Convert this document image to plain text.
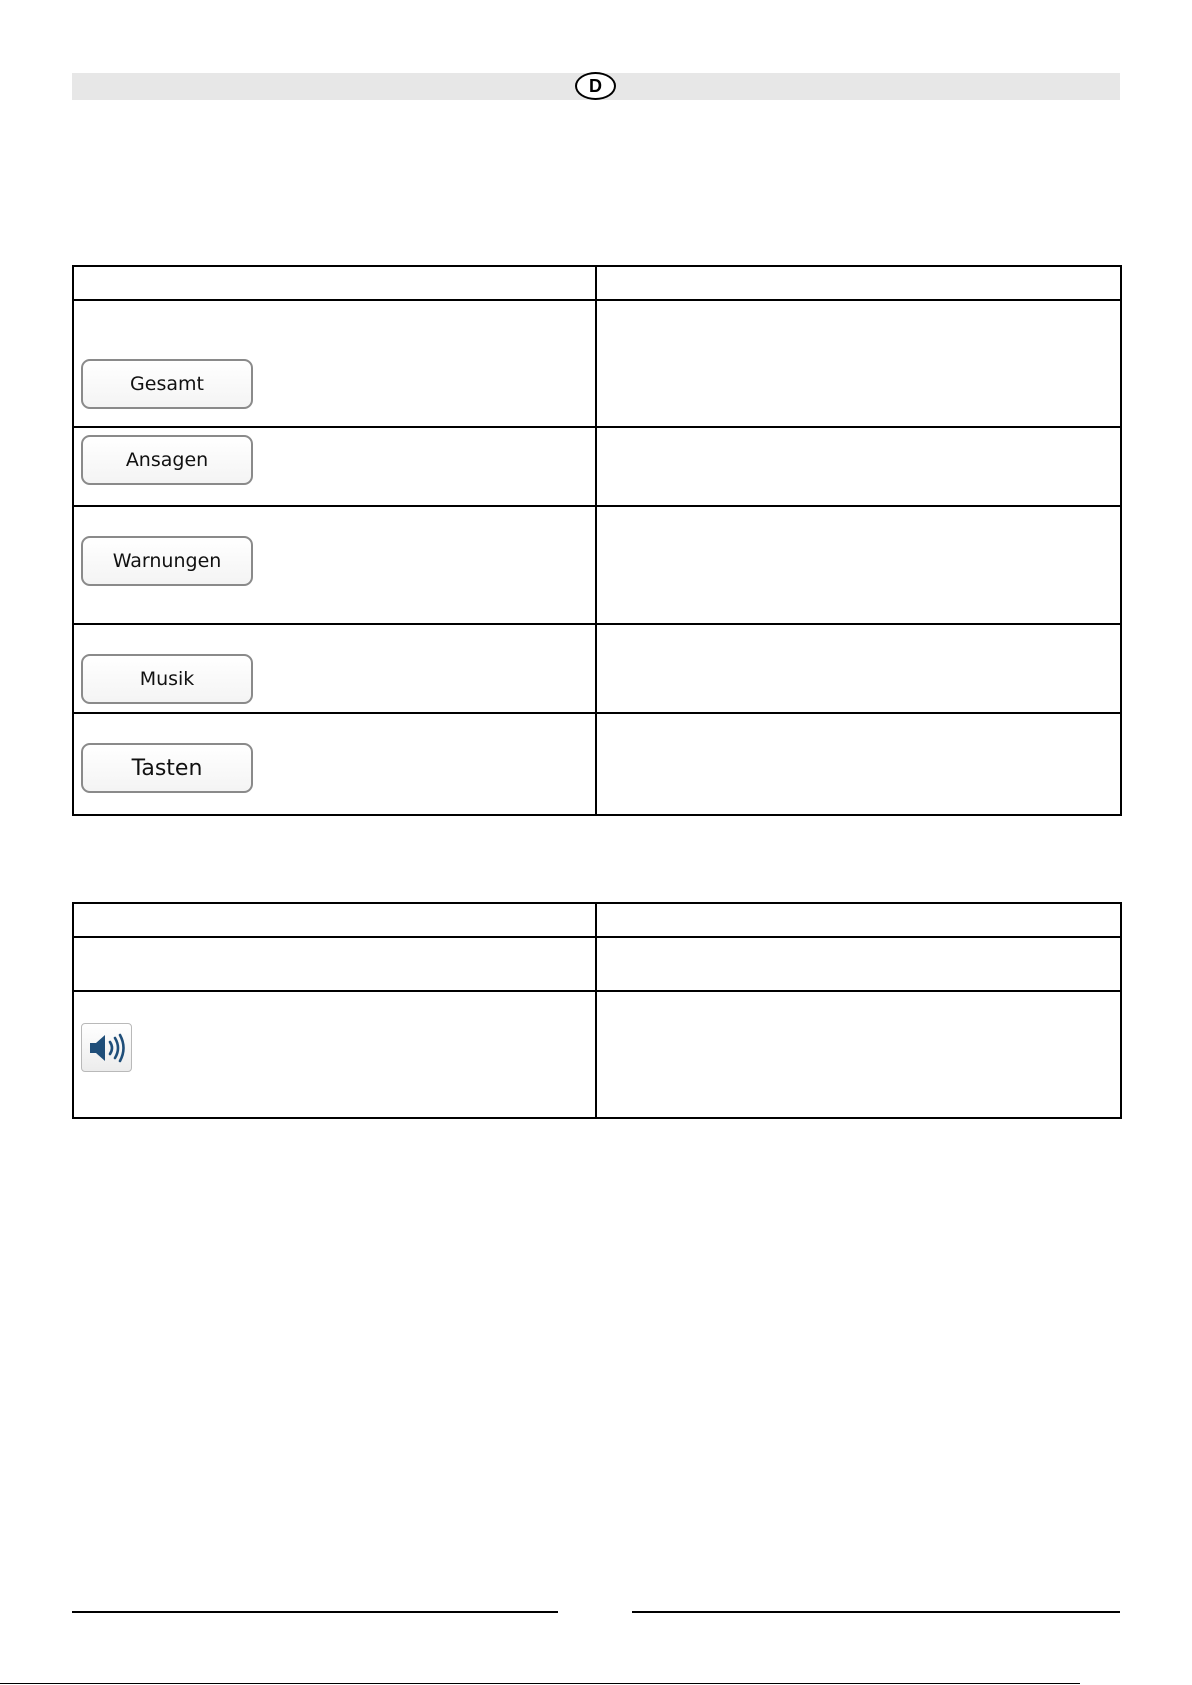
D

Gesamt	

Ansagen	

Warnungen	

Musik	

Tasten	
